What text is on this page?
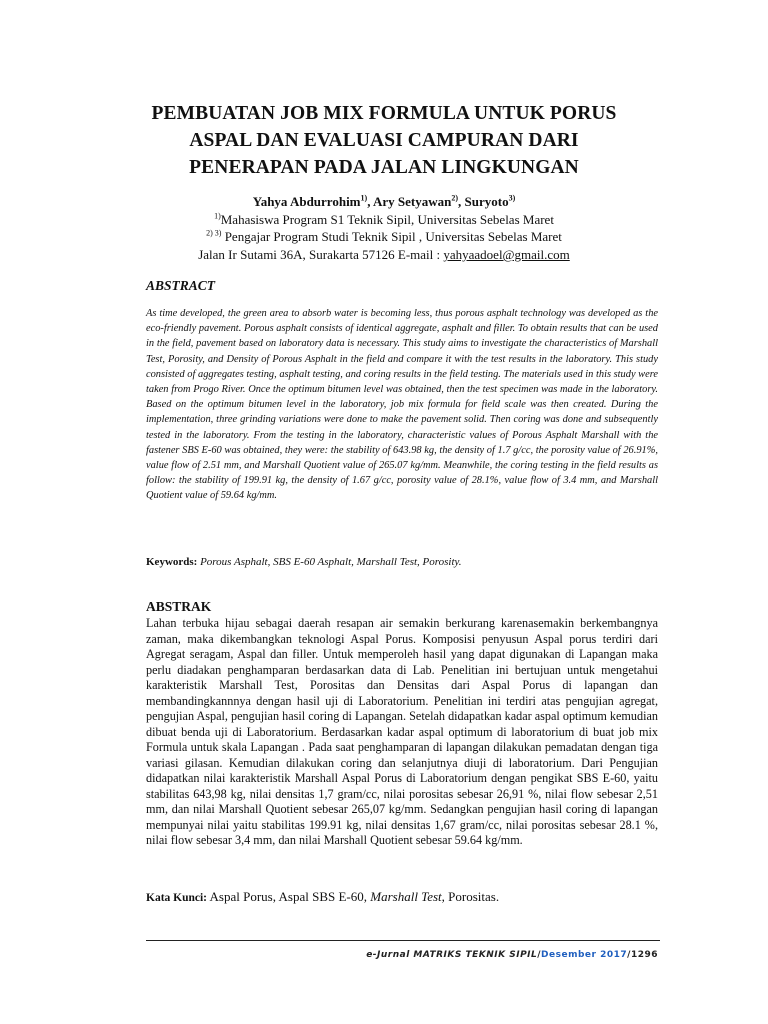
PEMBUATAN JOB MIX FORMULA UNTUK PORUS
ASPAL DAN EVALUASI CAMPURAN DARI
PENERAPAN PADA JALAN LINGKUNGAN
Yahya Abdurrohim$^{1)}$, Ary Setyawan$^{2)}$, Suryoto$^{3)}$
$^{1)}$Mahasiswa Program S1 Teknik Sipil, Universitas Sebelas Maret
$^{2) 3)}$ Pengajar Program Studi Teknik Sipil , Universitas Sebelas Maret
Jalan Ir Sutami 36A, Surakarta 57126 E-mail : yahyaadoel@gmail.com
ABSTRACT

As time developed, the green area to absorb water is becoming less, thus porous asphalt technology was developed as the eco-friendly pavement. Porous asphalt consists of identical aggregate, asphalt and filler. To obtain results that can be used in the field, pavement based on laboratory data is necessary. This study aims to investigate the characteristics of Marshall Test, Porosity, and Density of Porous Asphalt in the field and compare it with the test results in the laboratory. This study consisted of aggregates testing, asphalt testing, and coring results in the field testing. The materials used in this study were taken from Progo River. Once the optimum bitumen level was obtained, then the test specimen was made in the laboratory. Based on the optimum bitumen level in the laboratory, job mix formula for field scale was then created. During the implementation, three grinding variations were done to make the pavement solid. Then coring was done and subsequently tested in the laboratory. From the testing in the laboratory, characteristic values of Porous Asphalt Marshall with the fastener SBS E-60 was obtained, they were: the stability of 643.98 kg, the density of 1.7 g/cc, the porosity value of 26.91%, value flow of 2.51 mm, and Marshall Quotient value of 265.07 kg/mm. Meanwhile, the coring testing in the field results as follow: the stability of 199.91 kg, the density of 1.67 g/cc, porosity value of 28.1%, value flow of 3.4 mm, and Marshall Quotient value of 59.64 kg/mm.

Keywords: Porous Asphalt, SBS E-60 Asphalt, Marshall Test, Porosity.
ABSTRAK

Lahan terbuka hijau sebagai daerah resapan air semakin berkurang karenasemakin berkembangnya zaman, maka dikembangkan teknologi Aspal Porus. Komposisi penyusun Aspal porus terdiri dari Agregat seragam, Aspal dan filler. Untuk memperoleh hasil yang dapat digunakan di Lapangan maka perlu diadakan penghamparan berdasarkan data di Lab. Penelitian ini bertujuan untuk mengetahui karakteristik Marshall Test, Porositas dan Densitas dari Aspal Porus di lapangan dan membandingkannnya dengan hasil uji di Laboratorium. Penelitian ini terdiri atas pengujian agregat, pengujian Aspal, pengujian hasil coring di Lapangan. Setelah didapatkan kadar aspal optimum kemudian dibuat benda uji di Laboratorium. Berdasarkan kadar aspal optimum di laboratorium di buat job mix Formula untuk skala Lapangan . Pada saat penghamparan di lapangan dilakukan pemadatan dengan tiga variasi gilasan. Kemudian dilakukan coring dan selanjutnya diuji di laboratorium. Dari Pengujian didapatkan nilai karakteristik Marshall Aspal Porus di Laboratorium dengan pengikat SBS E-60, yaitu stabilitas 643,98 kg, nilai densitas 1,7 gram/cc, nilai porositas sebesar 26,91 %, nilai flow sebesar 2,51 mm, dan nilai Marshall Quotient sebesar 265,07 kg/mm. Sedangkan pengujian hasil coring di lapangan mempunyai nilai yaitu stabilitas 199.91 kg, nilai densitas 1,67 gram/cc, nilai porositas sebesar 28.1 %, nilai flow sebesar 3,4 mm, dan nilai Marshall Quotient sebesar 59.64 kg/mm.

Kata Kunci: Aspal Porus, Aspal SBS E-60, Marshall Test, Porositas.
e-Jurnal MATRIKS TEKNIK SIPIL/Desember 2017/1296
